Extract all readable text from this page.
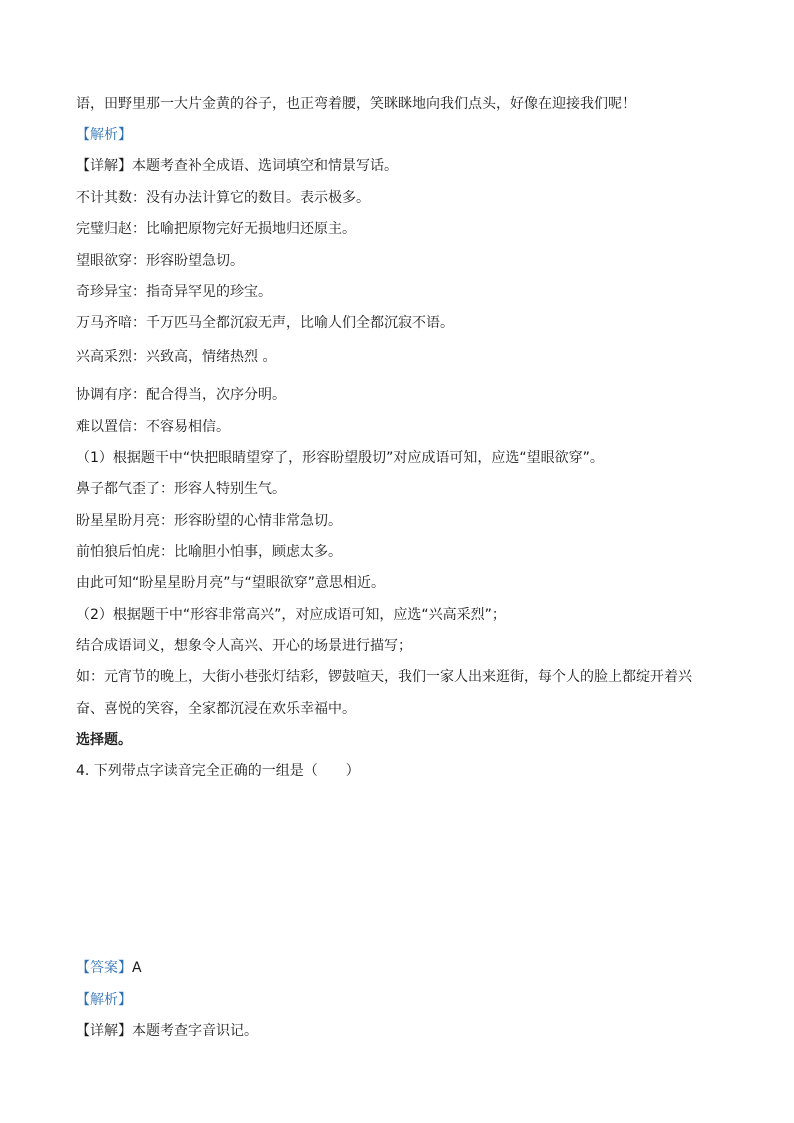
语，田野里那一大片金黄的谷子，也正弯着腰，笑眯眯地向我们点头，好像在迎接我们呢！
【解析】
【详解】本题考查补全成语、选词填空和情景写话。
不计其数：没有办法计算它的数目。表示极多。
完璧归赵：比喻把原物完好无损地归还原主。
望眼欲穿：形容盼望急切。
奇珍异宝：指奇异罕见的珍宝。
万马齐喑：千万匹马全都沉寂无声，比喻人们全都沉寂不语。
兴高采烈：兴致高，情绪热烈 。
协调有序：配合得当，次序分明。
难以置信：不容易相信。
（1）根据题干中“快把眼睛望穿了，形容盼望殷切”对应成语可知，应选“望眼欲穿”。
鼻子都气歪了：形容人特别生气。
盼星星盼月亮：形容盼望的心情非常急切。
前怕狼后怕虎：比喻胆小怕事，顾虑太多。
由此可知“盼星星盼月亮”与“望眼欲穿”意思相近。
（2）根据题干中“形容非常高兴”，对应成语可知，应选“兴高采烈”；
结合成语词义，想象令人高兴、开心的场景进行描写；
如：元宵节的晚上，大街小巷张灯结彩，锣鼓喧天，我们一家人出来逛街，每个人的脸上都绽开着兴
奋、喜悦的笑容，全家都沉浸在欢乐幸福中。
选择题。
4. 下列带点字读音完全正确的一组是（　　）
【答案】A
【解析】
【详解】本题考查字音识记。
